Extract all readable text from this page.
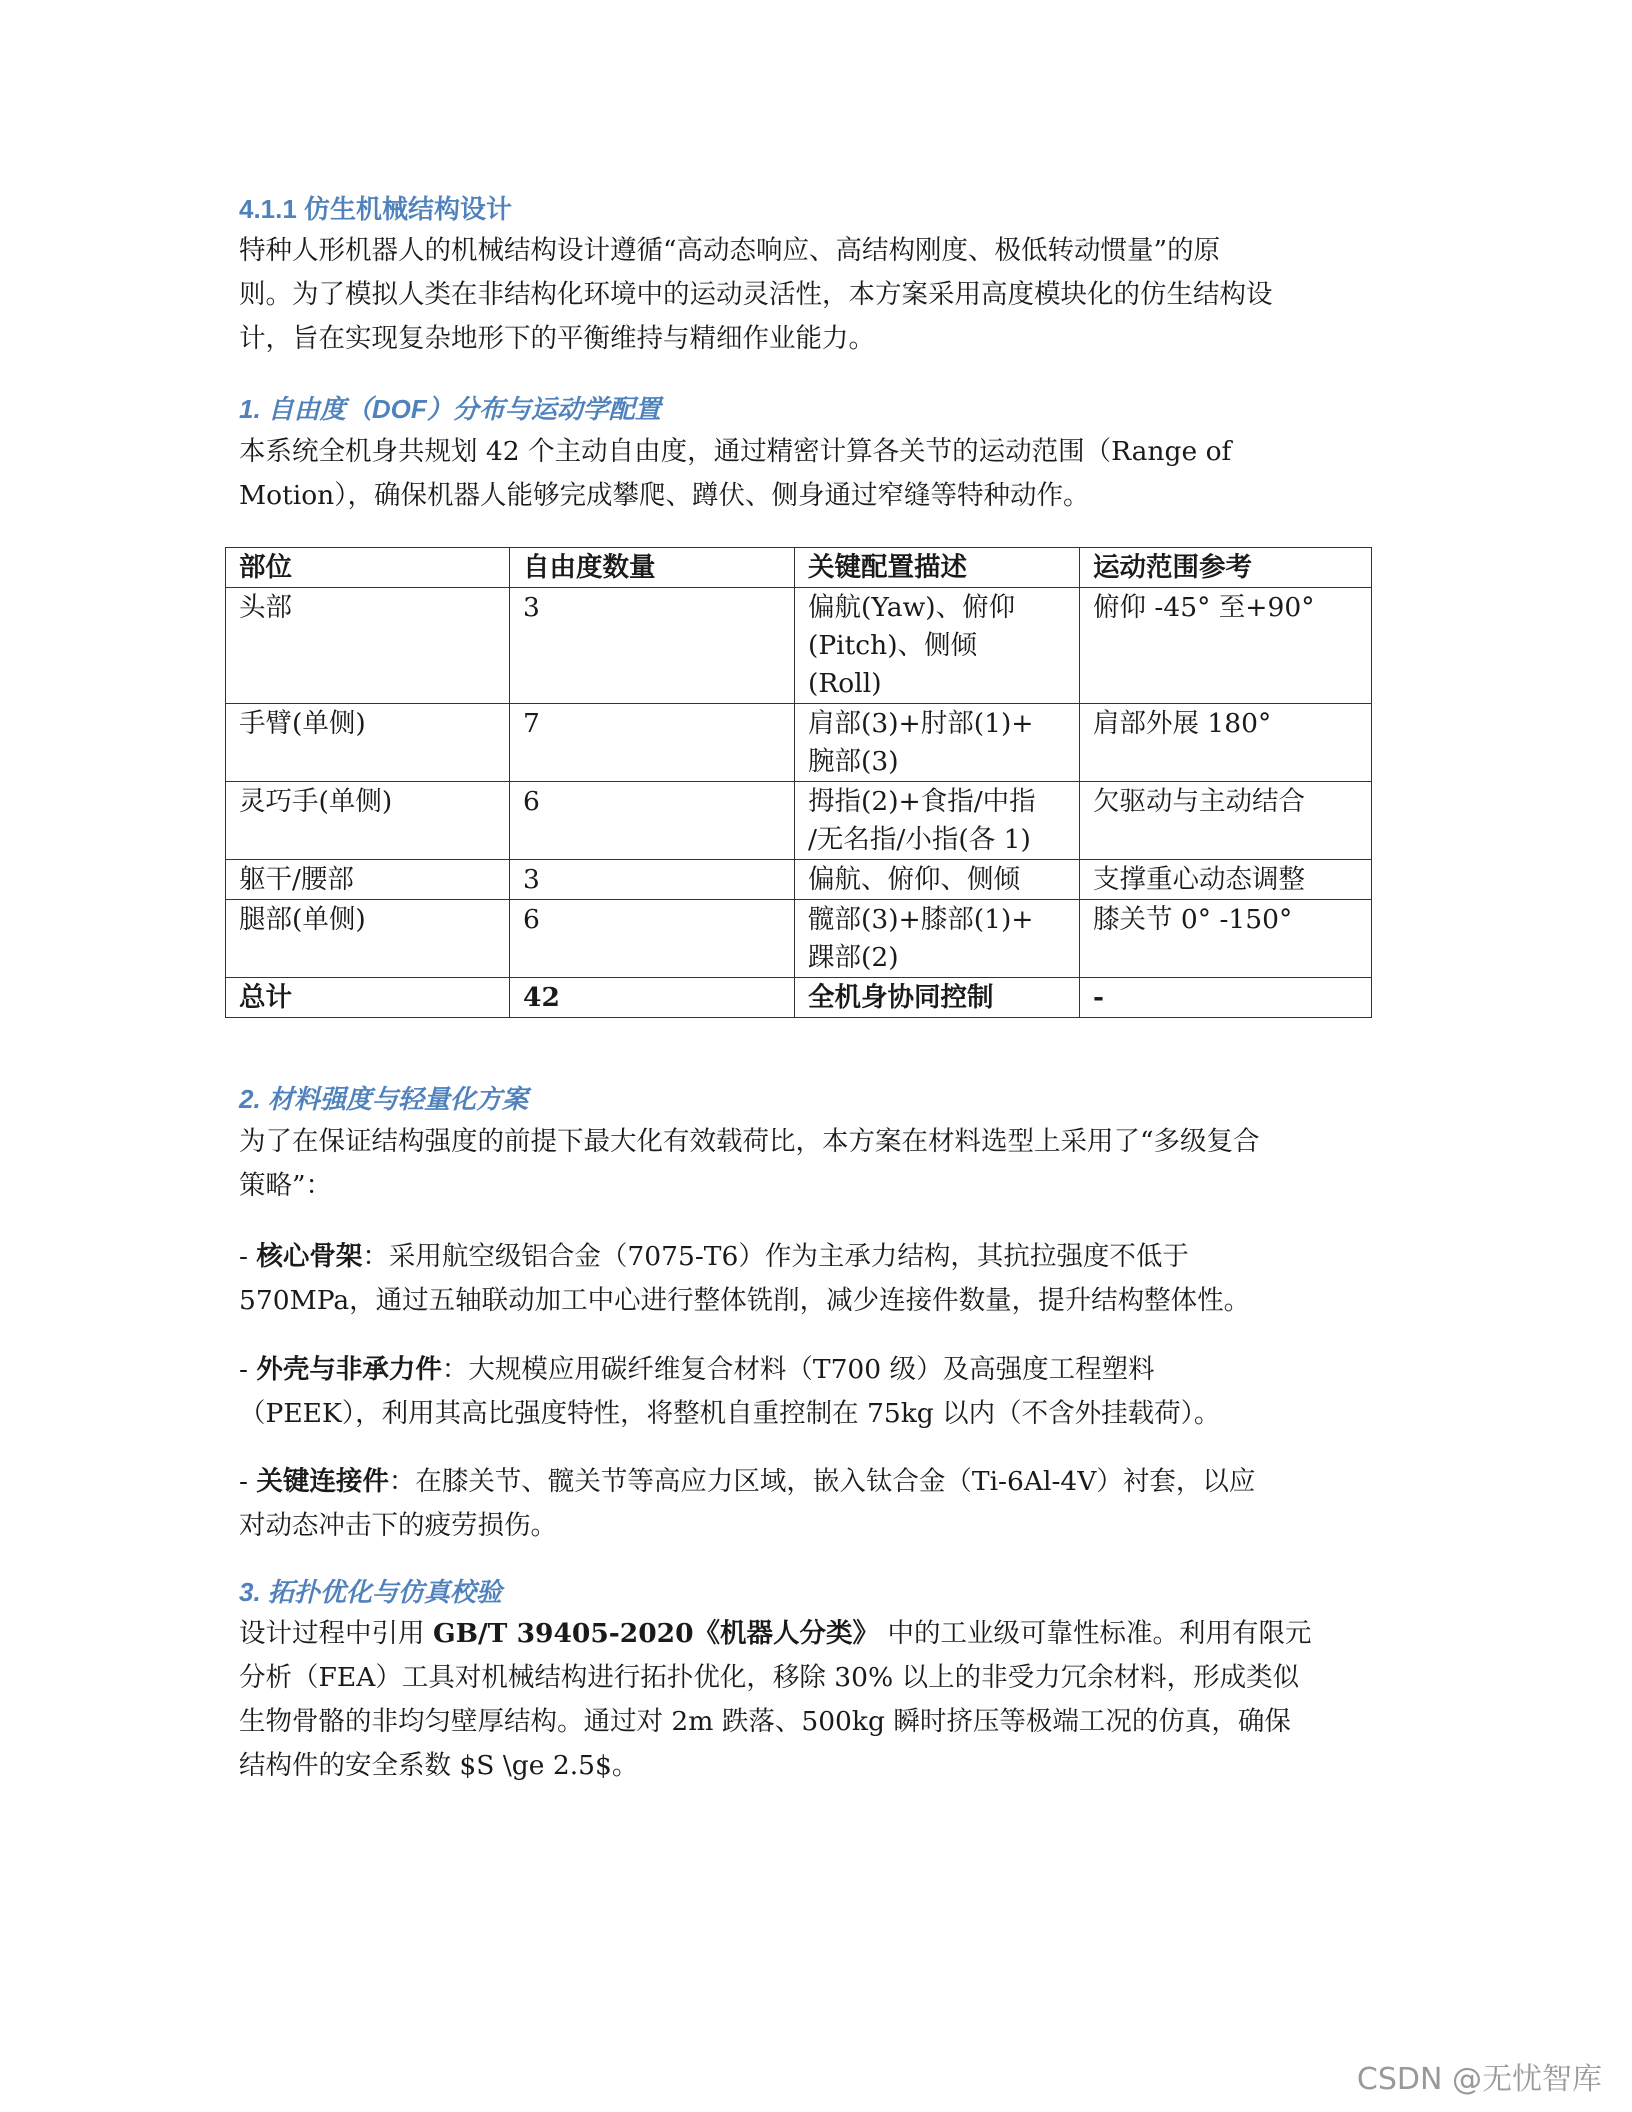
4.1.1 仿生机械结构设计
特种人形机器人的机械结构设计遵循“高动态响应、高结构刚度、极低转动惯量”的原
则。为了模拟人类在非结构化环境中的运动灵活性，本方案采用高度模块化的仿生结构设
计，旨在实现复杂地形下的平衡维持与精细作业能力。
1. 自由度（DOF）分布与运动学配置
本系统全机身共规划 42 个主动自由度，通过精密计算各关节的运动范围（Range of
Motion），确保机器人能够完成攀爬、蹲伏、侧身通过窄缝等特种动作。
部位	自由度数量	关键配置描述	运动范围参考
头部	3	偏航(Yaw)、俯仰
(Pitch)、侧倾
(Roll)	俯仰 -45° 至+90°
手臂(单侧)	7	肩部(3)+肘部(1)+
腕部(3)	肩部外展 180°
灵巧手(单侧)	6	拇指(2)+食指/中指
/无名指/小指(各 1)	欠驱动与主动结合
躯干/腰部	3	偏航、俯仰、侧倾	支撑重心动态调整
腿部(单侧)	6	髋部(3)+膝部(1)+
踝部(2)	膝关节 0° -150°
总计	42	全机身协同控制	-
2. 材料强度与轻量化方案
为了在保证结构强度的前提下最大化有效载荷比，本方案在材料选型上采用了“多级复合
策略”：
- 核心骨架：采用航空级铝合金（7075-T6）作为主承力结构，其抗拉强度不低于
570MPa，通过五轴联动加工中心进行整体铣削，减少连接件数量，提升结构整体性。
- 外壳与非承力件：大规模应用碳纤维复合材料（T700 级）及高强度工程塑料
（PEEK），利用其高比强度特性，将整机自重控制在 75kg 以内（不含外挂载荷）。
- 关键连接件：在膝关节、髋关节等高应力区域，嵌入钛合金（Ti-6Al-4V）衬套，以应
对动态冲击下的疲劳损伤。
3. 拓扑优化与仿真校验
设计过程中引用 GB/T 39405-2020《机器人分类》 中的工业级可靠性标准。利用有限元
分析（FEA）工具对机械结构进行拓扑优化，移除 30% 以上的非受力冗余材料，形成类似
生物骨骼的非均匀壁厚结构。通过对 2m 跌落、500kg 瞬时挤压等极端工况的仿真，确保
结构件的安全系数 $S \ge 2.5$。
CSDN @无忧智库
